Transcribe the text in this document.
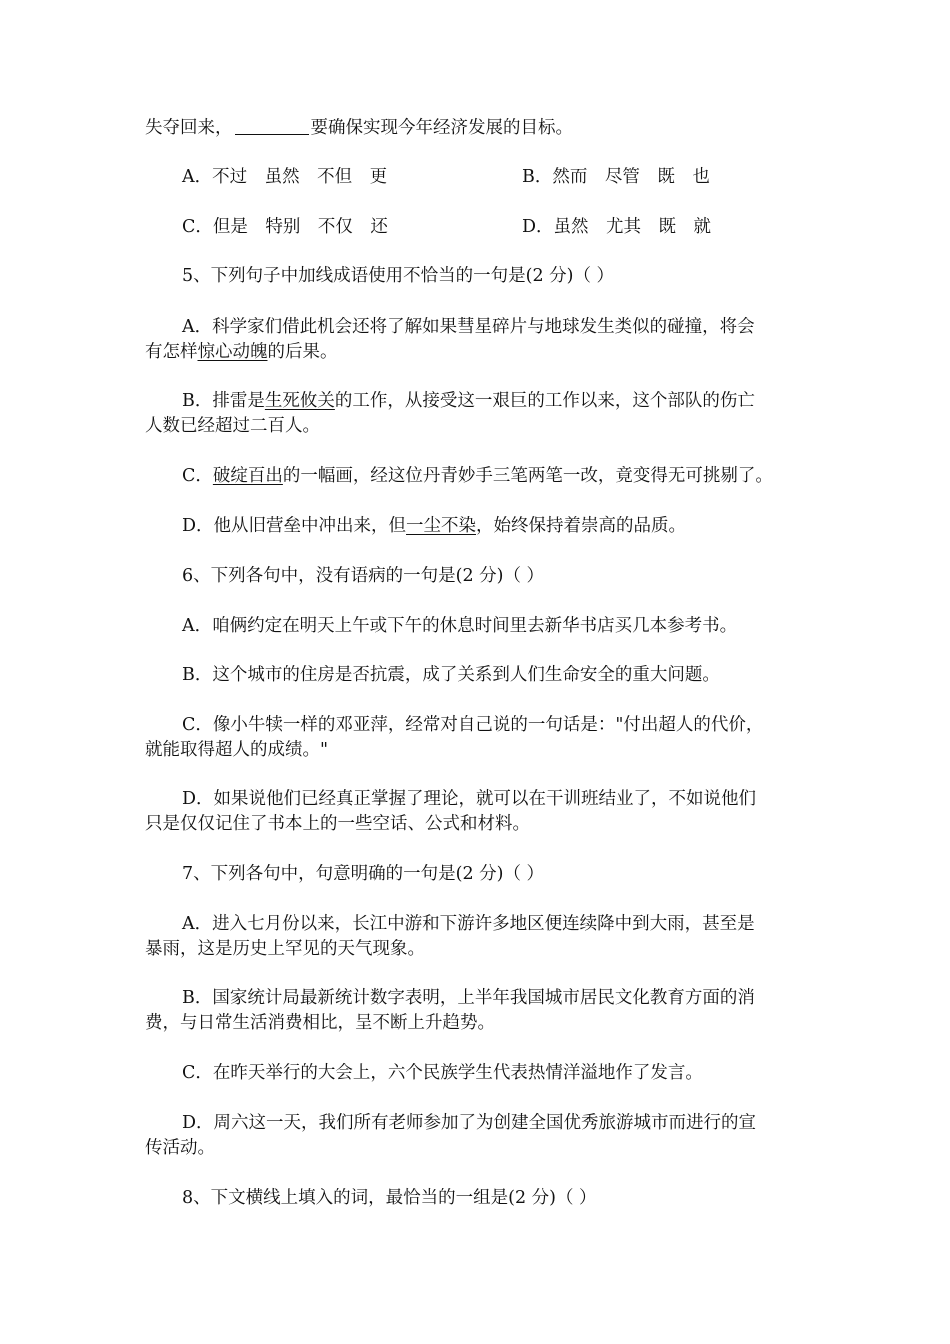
失夺回来，	要确保实现今年经济发展的目标。
A．不过　虽然　不但　更	B．然而　尽管　既　也
C．但是　特别　不仅　还	D．虽然　尤其　既　就
5、下列句子中加线成语使用不恰当的一句是(2 分)（ ）
A．科学家们借此机会还将了解如果彗星碎片与地球发生类似的碰撞，将会
有怎样惊心动魄的后果。
B．排雷是生死攸关的工作，从接受这一艰巨的工作以来，这个部队的伤亡
人数已经超过二百人。
C．破绽百出的一幅画，经这位丹青妙手三笔两笔一改，竟变得无可挑剔了。
D．他从旧营垒中冲出来，但一尘不染，始终保持着崇高的品质。
6、下列各句中，没有语病的一句是(2 分)（ ）
A．咱俩约定在明天上午或下午的休息时间里去新华书店买几本参考书。
B．这个城市的住房是否抗震，成了关系到人们生命安全的重大问题。
C．像小牛犊一样的邓亚萍，经常对自己说的一句话是："付出超人的代价，
就能取得超人的成绩。"
D．如果说他们已经真正掌握了理论，就可以在干训班结业了，不如说他们
只是仅仅记住了书本上的一些空话、公式和材料。
7、下列各句中，句意明确的一句是(2 分)（ ）
A．进入七月份以来，长江中游和下游许多地区便连续降中到大雨，甚至是
暴雨，这是历史上罕见的天气现象。
B．国家统计局最新统计数字表明，上半年我国城市居民文化教育方面的消
费，与日常生活消费相比，呈不断上升趋势。
C．在昨天举行的大会上，六个民族学生代表热情洋溢地作了发言。
D．周六这一天，我们所有老师参加了为创建全国优秀旅游城市而进行的宣
传活动。
8、下文横线上填入的词，最恰当的一组是(2 分)（ ）
